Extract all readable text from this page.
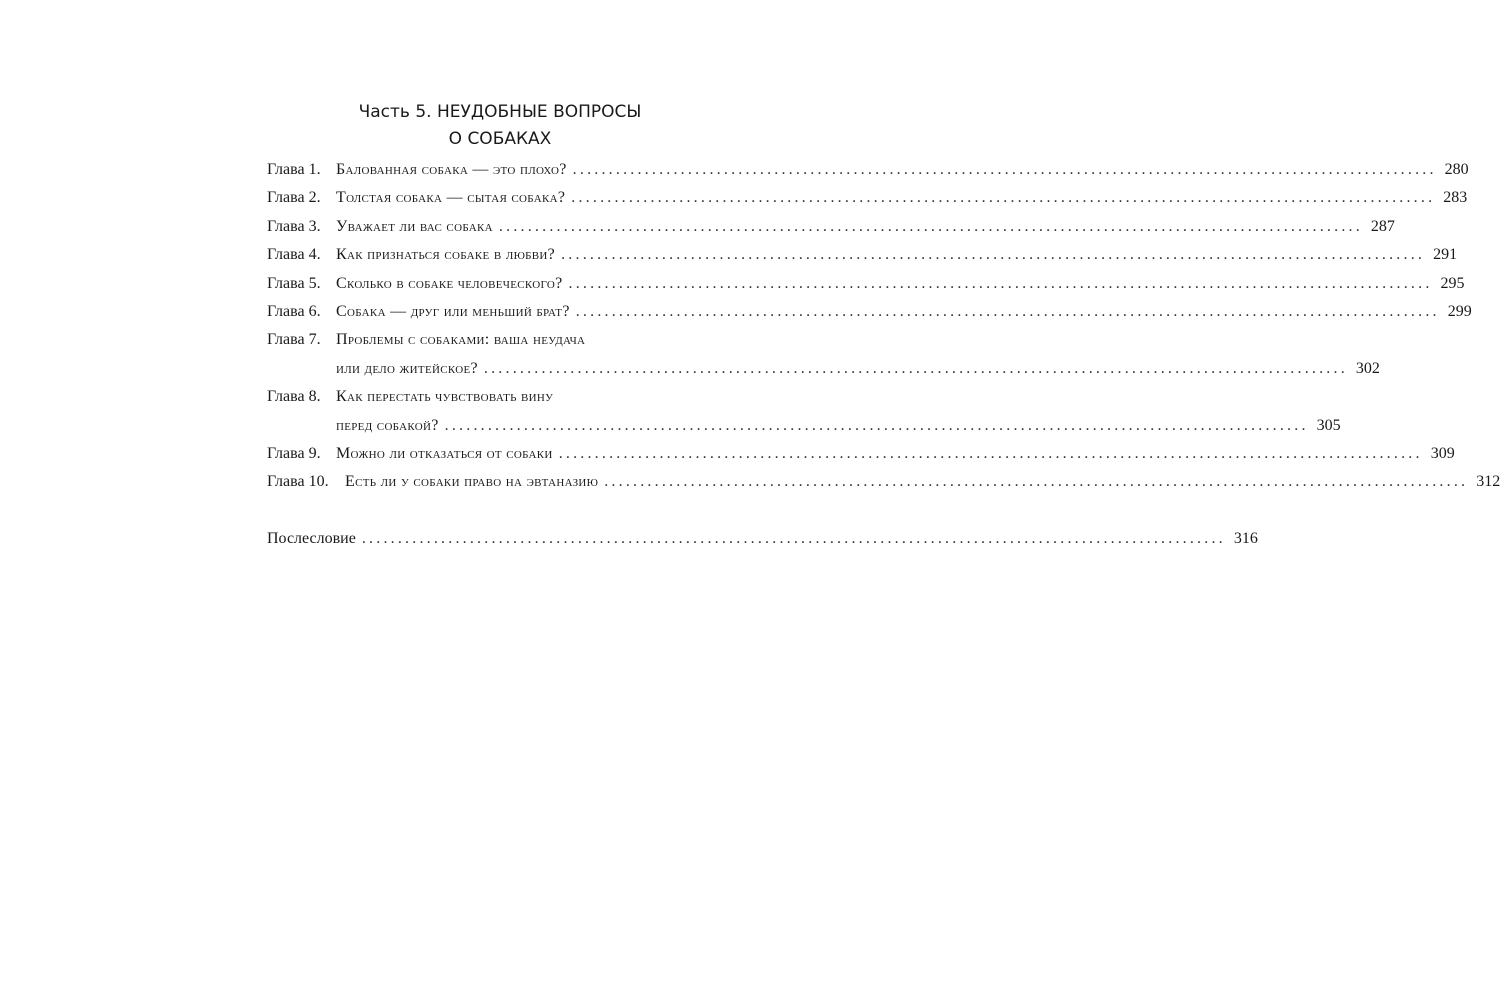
Часть 5. НЕУДОБНЫЕ ВОПРОСЫ
О СОБАКАХ
Глава 1. Балованная собака — это плохо? ........................................................................................................................ 280
Глава 2. Толстая собака — сытая собака? ........................................................................................................................ 283
Глава 3. Уважает ли вас собака ........................................................................................................................ 287
Глава 4. Как признаться собаке в любви? ........................................................................................................................ 291
Глава 5. Сколько в собаке человеческого? ........................................................................................................................ 295
Глава 6. Собака — друг или меньший брат? ........................................................................................................................ 299
Глава 7. Проблемы с собаками: ваша неудача
или дело житейское? ........................................................................................................................ 302
Глава 8. Как перестать чувствовать вину
перед собакой? ........................................................................................................................ 305
Глава 9. Можно ли отказаться от собаки ........................................................................................................................ 309
Глава 10.	Есть ли у собаки право на эвтаназию ........................................................................................................................ 312
Послесловие ........................................................................................................................ 316
